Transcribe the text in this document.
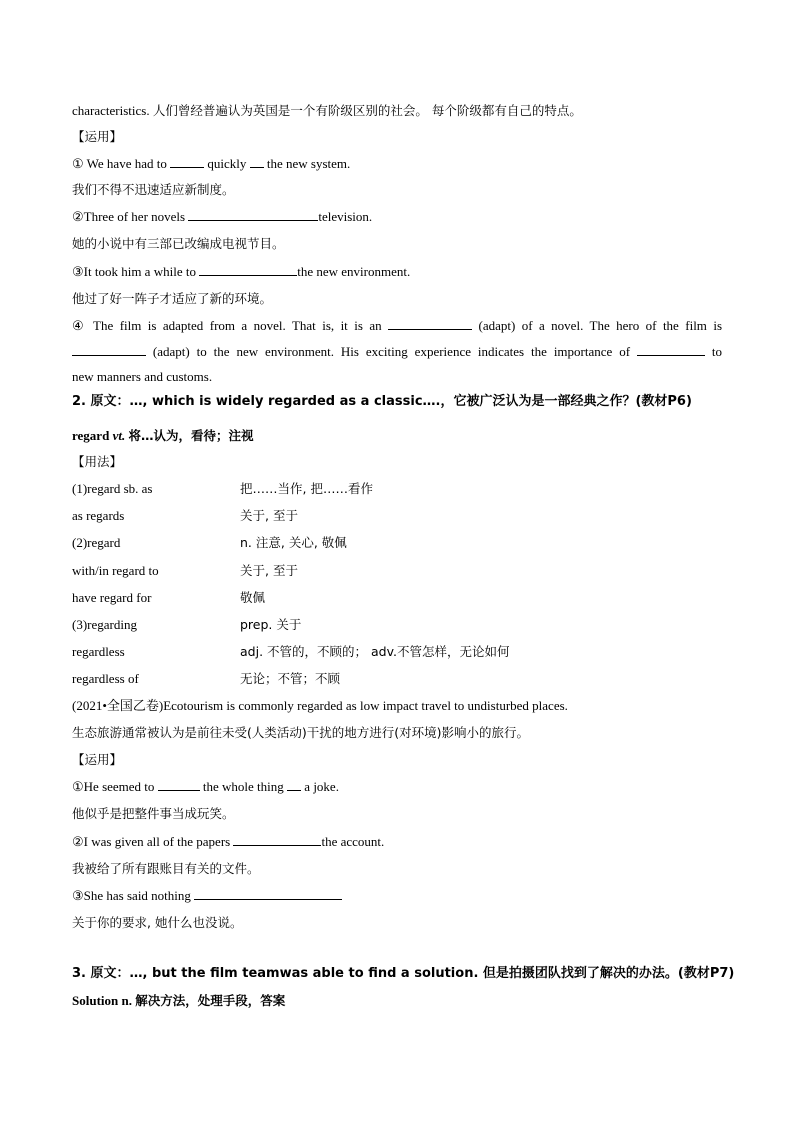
characteristics. 人们曾经普遍认为英国是一个有阶级区别的社会。 每个阶级都有自己的特点。
【运用】
① We have had to	quickly the new system.
我们不得不迅速适应新制度。
②Three of her novels	television.
她的小说中有三部已改编成电视节目。
③It took him a while to	the new environment.
他过了好一阵子才适应了新的环境。
④ The film is adapted from a novel. That is, it is an	(adapt) of a novel. The hero of the film is
(adapt) to the new environment. His exciting experience indicates the importance of	to
new manners and customs.
2. 原文：…, which is widely regarded as a classic….，它被广泛认为是一部经典之作？(教材P6)
regard vt. 将…认为，看待；注视
【用法】
(1)regard sb. as	把……当作, 把……看作
as regards	关于, 至于
(2)regard	n. 注意, 关心, 敬佩
with/in regard to	关于, 至于
have regard for	敬佩
(3)regarding	prep. 关于
regardless	adj. 不管的，不顾的； adv.不管怎样，无论如何
regardless of	无论；不管；不顾
(2021•全国乙卷)Ecotourism is commonly regarded as low impact travel to undisturbed places.
生态旅游通常被认为是前往未受(人类活动)干扰的地方进行(对环境)影响小的旅行。
【运用】
①He seemed to	the whole thing a joke.
他似乎是把整件事当成玩笑。
②I was given all of the papers	the account.
我被给了所有跟账目有关的文件。
③She has said nothing
关于你的要求, 她什么也没说。
3. 原文：…, but the film teamwas able to find a solution. 但是拍摄团队找到了解决的办法。(教材P7)
Solution n. 解决方法，处理手段，答案
